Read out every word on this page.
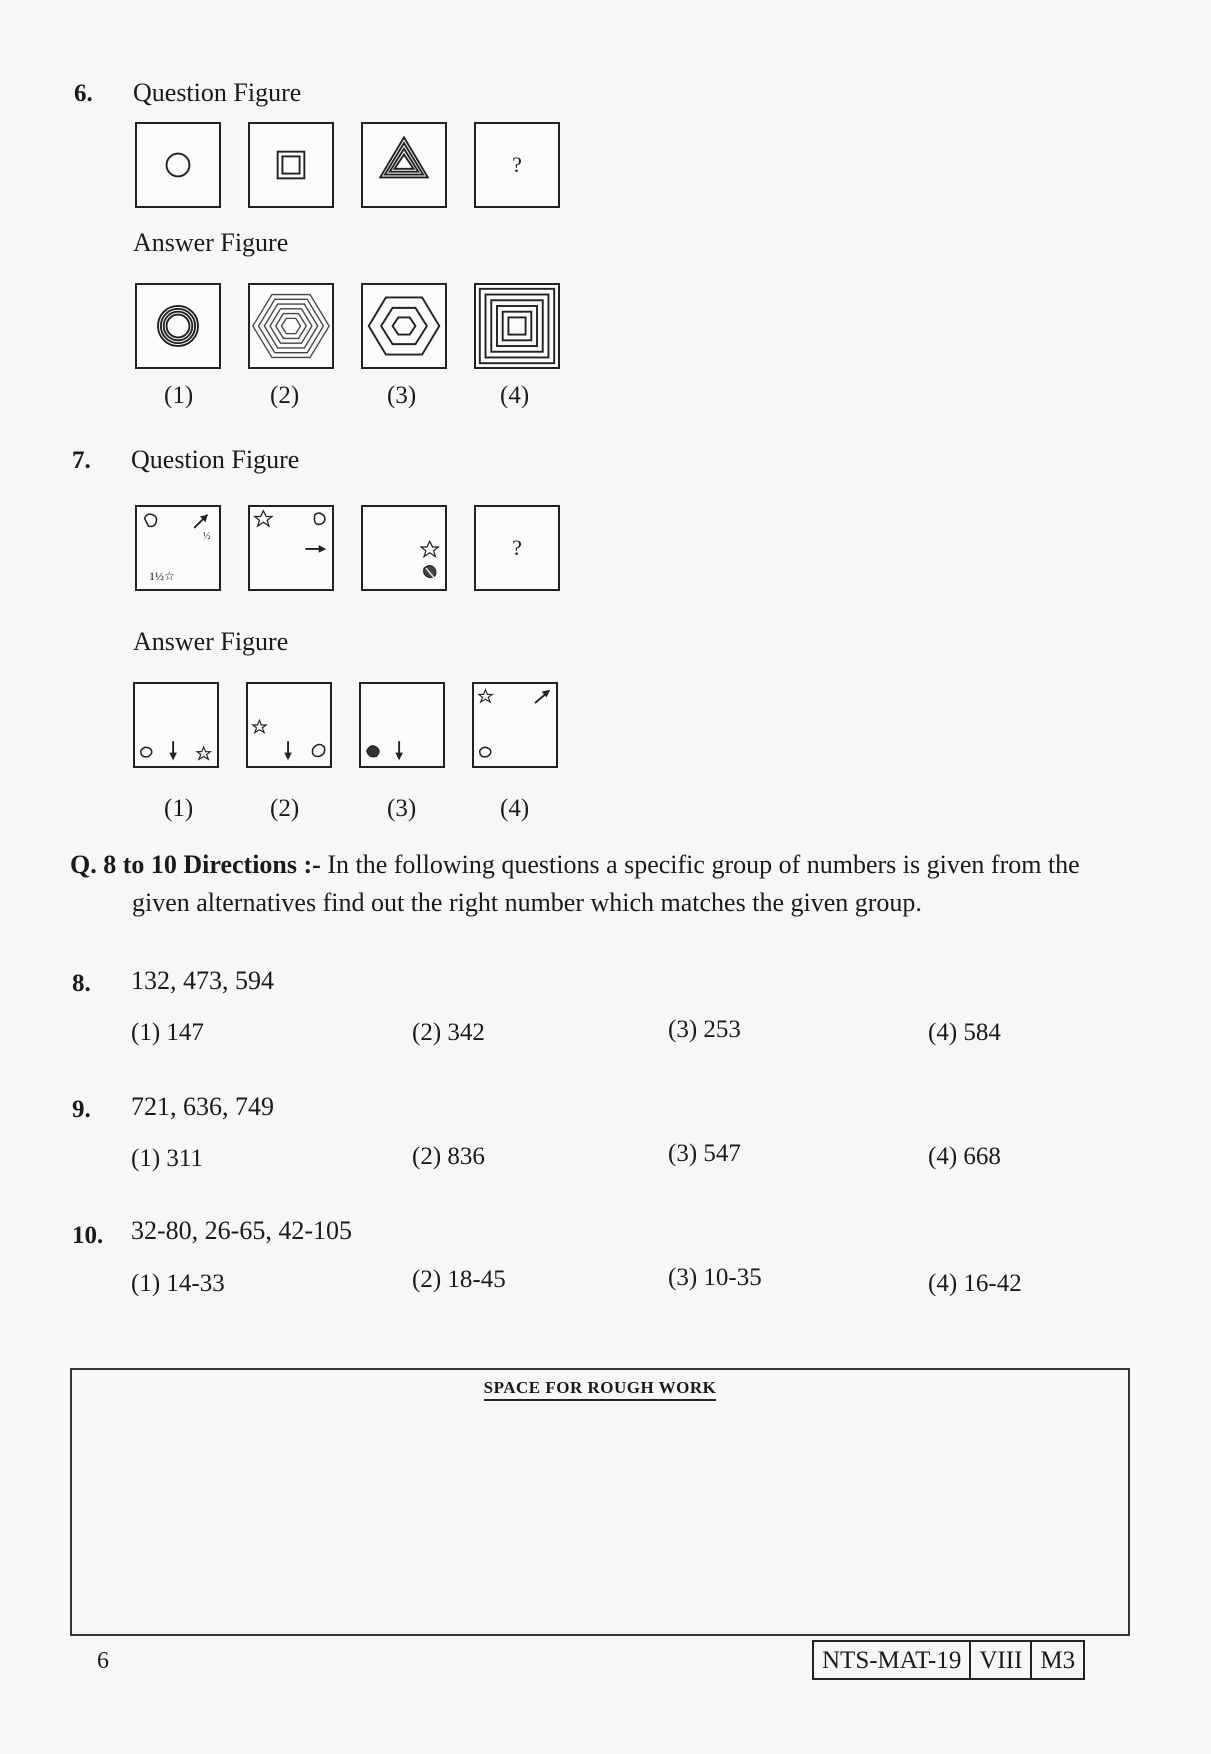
6. Question Figure
?
Answer Figure
(1)	(2)	(3)	(4)
7. Question Figure
½
1½☆
?
Answer Figure
(1)	(2)	(3)	(4)
Q. 8 to 10 Directions :- In the following questions a specific group of numbers is given from the given alternatives find out the right number which matches the given group.
8. 132, 473, 594
(1) 147	(2) 342	(3) 253	(4) 584
9. 721, 636, 749
(1) 311	(2) 836	(3) 547	(4) 668
10. 32-80, 26-65, 42-105
(1) 14-33	(2) 18-45	(3) 10-35	(4) 16-42
SPACE FOR ROUGH WORK
6	NTS-MAT-19 VIII M3
